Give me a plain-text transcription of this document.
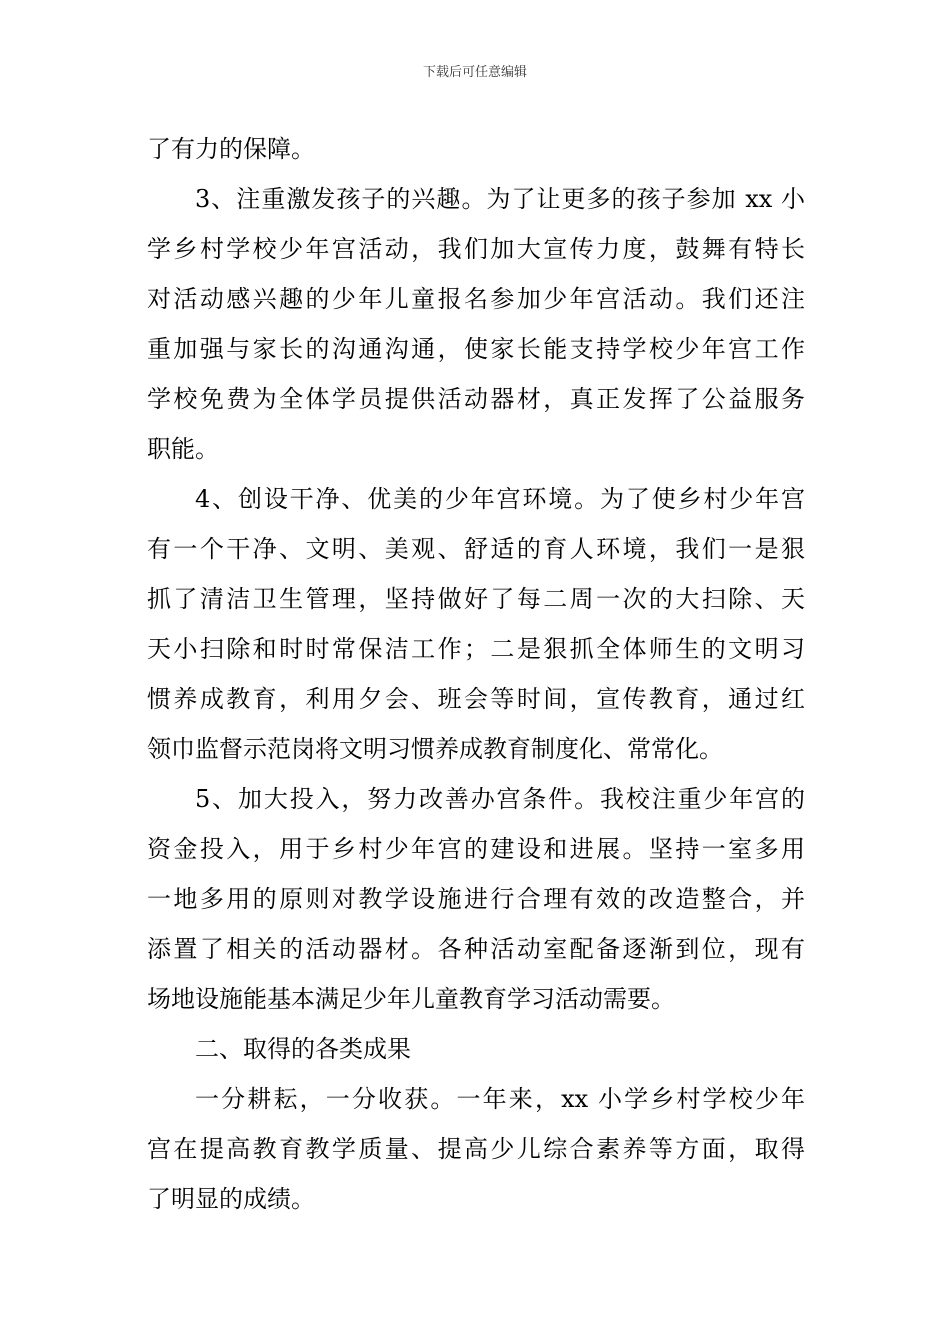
下载后可任意编辑
了有力的保障。
3、注重激发孩子的兴趣。为了让更多的孩子参加 xx 小
学乡村学校少年宫活动，我们加大宣传力度，鼓舞有特长
对活动感兴趣的少年儿童报名参加少年宫活动。我们还注
重加强与家长的沟通沟通，使家长能支持学校少年宫工作
学校免费为全体学员提供活动器材，真正发挥了公益服务
职能。
4、创设干净、优美的少年宫环境。为了使乡村少年宫
有一个干净、文明、美观、舒适的育人环境，我们一是狠
抓了清洁卫生管理，坚持做好了每二周一次的大扫除、天
天小扫除和时时常保洁工作；二是狠抓全体师生的文明习
惯养成教育，利用夕会、班会等时间，宣传教育，通过红
领巾监督示范岗将文明习惯养成教育制度化、常常化。
5、加大投入，努力改善办宫条件。我校注重少年宫的
资金投入，用于乡村少年宫的建设和进展。坚持一室多用
一地多用的原则对教学设施进行合理有效的改造整合，并
添置了相关的活动器材。各种活动室配备逐渐到位，现有
场地设施能基本满足少年儿童教育学习活动需要。
二、取得的各类成果
一分耕耘，一分收获。一年来，xx 小学乡村学校少年
宫在提高教育教学质量、提高少儿综合素养等方面，取得
了明显的成绩。
